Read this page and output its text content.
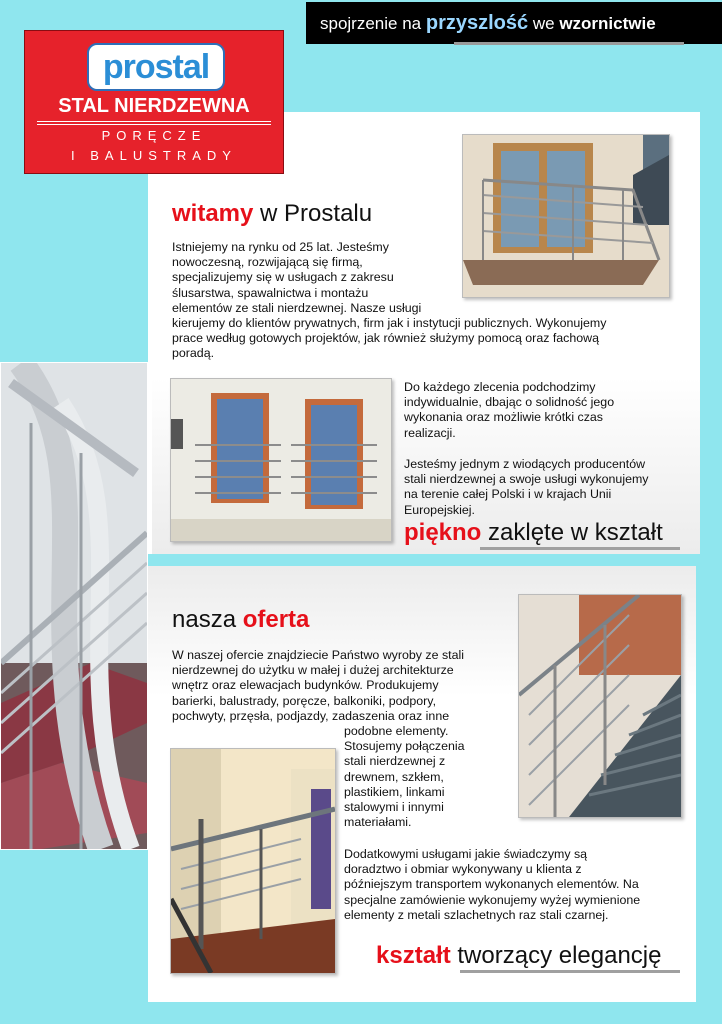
spojrzenie na przyszlość we wzornictwie
prostal
STAL NIERDZEWNA
PORĘCZE
I BALUSTRADY
witamy w Prostalu
Istniejemy na rynku od 25 lat. Jesteśmy
nowoczesną, rozwijającą się firmą,
specjalizujemy się w usługach z zakresu
ślusarstwa, spawalnictwa i montażu
elementów ze stali nierdzewnej. Nasze usługi
kierujemy do klientów prywatnych, firm jak i instytucji publicznych. Wykonujemy
prace według gotowych projektów, jak również służymy pomocą oraz fachową
poradą.
Do każdego zlecenia podchodzimy
indywidualnie, dbając o solidność jego
wykonania oraz możliwie krótki czas
realizacji.
Jesteśmy jednym z wiodących producentów
stali nierdzewnej a swoje usługi wykonujemy
na terenie całej Polski i w krajach Unii
Europejskiej.
piękno zaklęte w kształt
nasza oferta
W naszej ofercie znajdziecie Państwo wyroby ze stali
nierdzewnej do użytku w małej i dużej architekturze
wnętrz oraz elewacjach budynków. Produkujemy
barierki, balustrady, poręcze, balkoniki, podpory,
pochwyty, przęsła, podjazdy, zadaszenia oraz inne
podobne elementy.
Stosujemy połączenia
stali nierdzewnej z
drewnem, szkłem,
plastikiem, linkami
stalowymi i innymi
materiałami.
Dodatkowymi usługami jakie świadczymy są
doradztwo i obmiar wykonywany u klienta z
późniejszym transportem wykonanych elementów. Na
specjalne zamówienie wykonujemy wyżej wymienione
elementy z metali szlachetnych raz stali czarnej.
kształt tworzący elegancję
